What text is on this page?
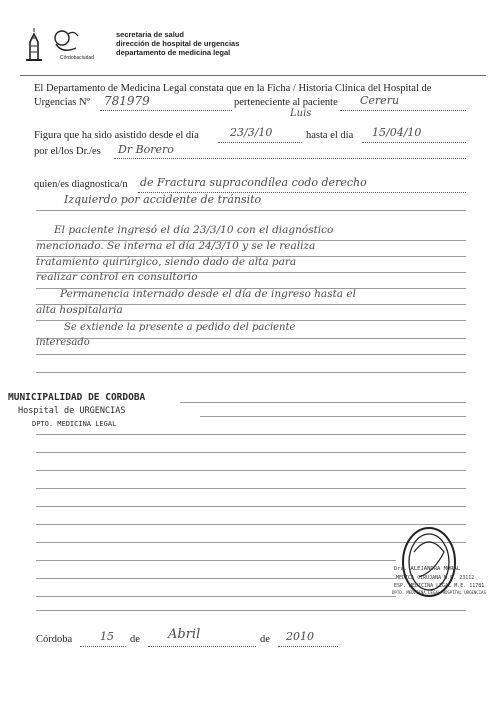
Córdobaciudad
secretaria de salud
dirección de hospital de urgencias
departamento de medicina legal
El Departamento de Medicina Legal constata que en la Ficha / Historia Clínica del Hospital de
Urgencias Nº 781979	perteneciente al paciente Cereru
Luis
Figura que ha sido asistido desde el día	23/3/10	hasta el día 15/04/10
por el/los Dr./es Dr Borero
quien/es diagnostica/n de Fractura supracondílea codo derecho
Izquierdo por accidente de tránsito
El paciente ingresó el día 23/3/10 con el diagnóstico
mencionado. Se interna el día 24/3/10 y se le realiza
tratamiento quirúrgico, siendo dado de alta para
realizar control en consultorio
Permanencia internado desde el día de ingreso hasta el
alta hospitalaria
Se extiende la presente a pedido del paciente
interesado
MUNICIPALIDAD DE CORDOBA
Hospital de URGENCIAS
DPTO. MEDICINA LEGAL
Dra. ALEJANDRA MORAL
MEDICA CIRUJANA M.P. 23112
ESP. MEDICINA LEGAL M.E. 11781
DPTO. MEDICINA LEGAL HOSPITAL URGENCIAS
Córdoba	15 de Abril	de 2010
